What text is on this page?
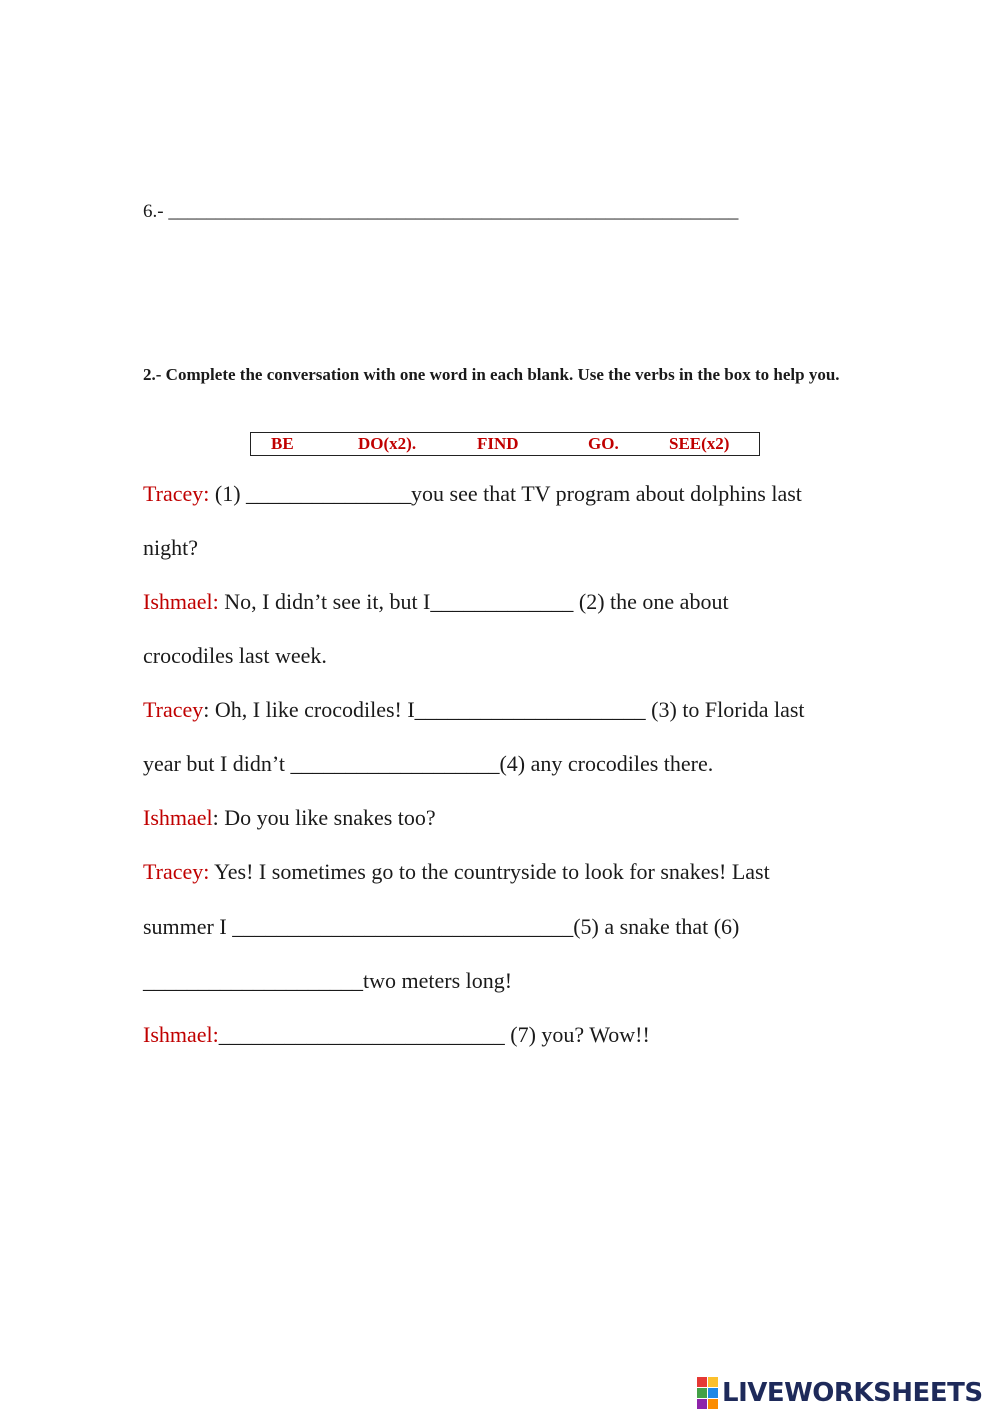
6.- ____________________________________________________________
2.- Complete the conversation with one word in each blank. Use the verbs in the box to help you.
BE	DO(x2).	FIND	GO.	SEE(x2)
Tracey: (1) _______________you see that TV program about dolphins last
night?
Ishmael: No, I didn’t see it, but I_____________ (2) the one about
crocodiles last week.
Tracey: Oh, I like crocodiles! I_____________________ (3) to Florida last
year but I didn’t ___________________(4) any crocodiles there.
Ishmael: Do you like snakes too?
Tracey: Yes! I sometimes go to the countryside to look for snakes! Last
summer I _______________________________(5) a snake that (6)
____________________two meters long!
Ishmael:__________________________ (7) you? Wow!!
LIVEWORKSHEETS
